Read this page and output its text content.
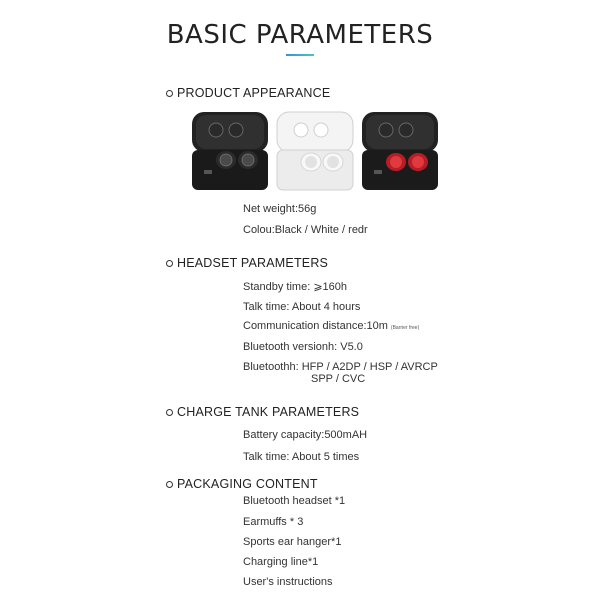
BASIC PARAMETERS
PRODUCT APPEARANCE
Net weight:56g
Colou:Black / White / redr
HEADSET PARAMETERS
Standby time: ⩾160h
Talk time: About 4 hours
Communication distance:10m (Barrier free)
Bluetooth versionh: V5.0
Bluetoothh: HFP / A2DP / HSP / AVRCP
SPP / CVC
CHARGE TANK PARAMETERS
Battery capacity:500mAH
Talk time: About 5 times
PACKAGING CONTENT
Bluetooth headset *1
Earmuffs * 3
Sports ear hanger*1
Charging line*1
User's instructions
